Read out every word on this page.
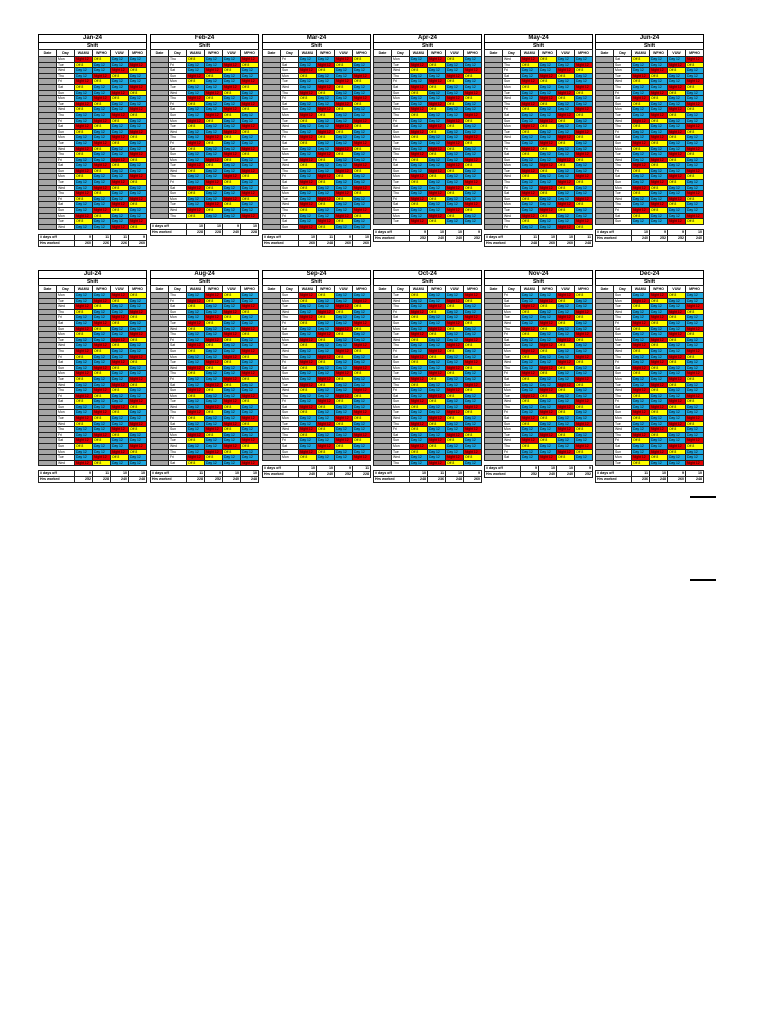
Jan-24					
Shift					
Date	Day	WAMU	WFHO	VUW	MPHO
	Mon	Night 12	Off 8	Day 12	Day 12
	Tue	Off 8	Day 12	Day 12	Night 12
	Wed	Day 12	Day 12	Night 12	Off 8
	Thu	Day 12	Night 12	Off 8	Day 12
	Fri	Night 12	Off 8	Day 12	Day 12
	Sat	Off 8	Day 12	Day 12	Night 12
	Sun	Day 12	Day 12	Night 12	Off 8
	Mon	Day 12	Night 12	Off 8	Day 12
	Tue	Night 12	Off 8	Day 12	Day 12
	Wed	Off 8	Day 12	Day 12	Night 12
	Thu	Day 12	Day 12	Night 12	Off 8
	Fri	Day 12	Night 12	Off 8	Day 12
	Sat	Night 12	Off 8	Day 12	Day 12
	Sun	Off 8	Day 12	Day 12	Night 12
	Mon	Day 12	Day 12	Night 12	Off 8
	Tue	Day 12	Night 12	Off 8	Day 12
	Wed	Night 12	Off 8	Day 12	Day 12
	Thu	Off 8	Day 12	Day 12	Night 12
	Fri	Day 12	Day 12	Night 12	Off 8
	Sat	Day 12	Night 12	Off 8	Day 12
	Sun	Night 12	Off 8	Day 12	Day 12
	Mon	Off 8	Day 12	Day 12	Night 12
	Tue	Day 12	Day 12	Night 12	Off 8
	Wed	Day 12	Night 12	Off 8	Day 12
	Thu	Night 12	Off 8	Day 12	Day 12
	Fri	Off 8	Day 12	Day 12	Night 12
	Sat	Day 12	Day 12	Night 12	Off 8
	Sun	Day 12	Night 12	Off 8	Day 12
	Mon	Night 12	Off 8	Day 12	Day 12
	Tue	Off 8	Day 12	Day 12	Night 12
	Wed	Day 12	Day 12	Night 12	Off 8

# days off		9	11	11	9
Hrs worked		260	226	226	260
Feb-24					
Shift					
Date	Day	WAMU	WFHO	VUW	MPHO
	Thu	Off 8	Day 12	Day 12	Night 12
	Fri	Day 12	Day 12	Night 12	Off 8
	Sat	Day 12	Night 12	Off 8	Day 12
	Sun	Night 12	Off 8	Day 12	Day 12
	Mon	Off 8	Day 12	Day 12	Night 12
	Tue	Day 12	Day 12	Night 12	Off 8
	Wed	Day 12	Night 12	Off 8	Day 12
	Thu	Night 12	Off 8	Day 12	Day 12
	Fri	Off 8	Day 12	Day 12	Night 12
	Sat	Day 12	Day 12	Night 12	Off 8
	Sun	Day 12	Night 12	Off 8	Day 12
	Mon	Night 12	Off 8	Day 12	Day 12
	Tue	Off 8	Day 12	Day 12	Night 12
	Wed	Day 12	Day 12	Night 12	Off 8
	Thu	Day 12	Night 12	Off 8	Day 12
	Fri	Night 12	Off 8	Day 12	Day 12
	Sat	Off 8	Day 12	Day 12	Night 12
	Sun	Day 12	Day 12	Night 12	Off 8
	Mon	Day 12	Night 12	Off 8	Day 12
	Tue	Night 12	Off 8	Day 12	Day 12
	Wed	Off 8	Day 12	Day 12	Night 12
	Thu	Day 12	Day 12	Night 12	Off 8
	Fri	Day 12	Night 12	Off 8	Day 12
	Sat	Night 12	Off 8	Day 12	Day 12
	Sun	Off 8	Day 12	Day 12	Night 12
	Mon	Day 12	Day 12	Night 12	Off 8
	Tue	Day 12	Night 12	Off 8	Day 12
	Wed	Night 12	Off 8	Day 12	Day 12
	Thu	Off 8	Day 12	Day 12	Night 12

# days off		10	10	9	10
Hrs worked		228	228	240	228
Mar-24					
Shift					
Date	Day	WAMU	WFHO	VUW	MPHO
	Fri	Day 12	Day 12	Night 12	Off 8
	Sat	Day 12	Night 12	Off 8	Day 12
	Sun	Night 12	Off 8	Day 12	Day 12
	Mon	Off 8	Day 12	Day 12	Night 12
	Tue	Day 12	Day 12	Night 12	Off 8
	Wed	Day 12	Night 12	Off 8	Day 12
	Thu	Night 12	Off 8	Day 12	Day 12
	Fri	Off 8	Day 12	Day 12	Night 12
	Sat	Day 12	Day 12	Night 12	Off 8
	Sun	Day 12	Night 12	Off 8	Day 12
	Mon	Night 12	Off 8	Day 12	Day 12
	Tue	Off 8	Day 12	Day 12	Night 12
	Wed	Day 12	Day 12	Night 12	Off 8
	Thu	Day 12	Night 12	Off 8	Day 12
	Fri	Night 12	Off 8	Day 12	Day 12
	Sat	Off 8	Day 12	Day 12	Night 12
	Sun	Day 12	Day 12	Night 12	Off 8
	Mon	Day 12	Night 12	Off 8	Day 12
	Tue	Night 12	Off 8	Day 12	Day 12
	Wed	Off 8	Day 12	Day 12	Night 12
	Thu	Day 12	Day 12	Night 12	Off 8
	Fri	Day 12	Night 12	Off 8	Day 12
	Sat	Night 12	Off 8	Day 12	Day 12
	Sun	Off 8	Day 12	Day 12	Night 12
	Mon	Day 12	Day 12	Night 12	Off 8
	Tue	Day 12	Night 12	Off 8	Day 12
	Wed	Night 12	Off 8	Day 12	Day 12
	Thu	Off 8	Day 12	Day 12	Night 12
	Fri	Day 12	Day 12	Night 12	Off 8
	Sat	Day 12	Night 12	Off 8	Day 12
	Sun	Night 12	Off 8	Day 12	Day 12

# days off		10	11	9	10
Hrs worked		260	248	260	260
Apr-24					
Shift					
Date	Day	WAMU	WFHO	VUW	MPHO
	Mon	Day 12	Night 12	Off 8	Day 12
	Tue	Night 12	Off 8	Day 12	Day 12
	Wed	Off 8	Day 12	Day 12	Night 12
	Thu	Day 12	Day 12	Night 12	Off 8
	Fri	Day 12	Night 12	Off 8	Day 12
	Sat	Night 12	Off 8	Day 12	Day 12
	Sun	Off 8	Day 12	Day 12	Night 12
	Mon	Day 12	Day 12	Night 12	Off 8
	Tue	Day 12	Night 12	Off 8	Day 12
	Wed	Night 12	Off 8	Day 12	Day 12
	Thu	Off 8	Day 12	Day 12	Night 12
	Fri	Day 12	Day 12	Night 12	Off 8
	Sat	Day 12	Night 12	Off 8	Day 12
	Sun	Night 12	Off 8	Day 12	Day 12
	Mon	Off 8	Day 12	Day 12	Night 12
	Tue	Day 12	Day 12	Night 12	Off 8
	Wed	Day 12	Night 12	Off 8	Day 12
	Thu	Night 12	Off 8	Day 12	Day 12
	Fri	Off 8	Day 12	Day 12	Night 12
	Sat	Day 12	Day 12	Night 12	Off 8
	Sun	Day 12	Night 12	Off 8	Day 12
	Mon	Night 12	Off 8	Day 12	Day 12
	Tue	Off 8	Day 12	Day 12	Night 12
	Wed	Day 12	Day 12	Night 12	Off 8
	Thu	Day 12	Night 12	Off 8	Day 12
	Fri	Night 12	Off 8	Day 12	Day 12
	Sat	Off 8	Day 12	Day 12	Night 12
	Sun	Day 12	Day 12	Night 12	Off 8
	Mon	Day 12	Night 12	Off 8	Day 12
	Tue	Night 12	Off 8	Day 12	Day 12

# days off		9	10	10	9
Hrs worked		252	240	240	252
May-24					
Shift					
Date	Day	WAMU	WFHO	VUW	MPHO
	Wed	Night 12	Off 8	Day 12	Day 12
	Thu	Off 8	Day 12	Day 12	Night 12
	Fri	Day 12	Day 12	Night 12	Off 8
	Sat	Day 12	Night 12	Off 8	Day 12
	Sun	Night 12	Off 8	Day 12	Day 12
	Mon	Off 8	Day 12	Day 12	Night 12
	Tue	Day 12	Day 12	Night 12	Off 8
	Wed	Day 12	Night 12	Off 8	Day 12
	Thu	Night 12	Off 8	Day 12	Day 12
	Fri	Off 8	Day 12	Day 12	Night 12
	Sat	Day 12	Day 12	Night 12	Off 8
	Sun	Day 12	Night 12	Off 8	Day 12
	Mon	Night 12	Off 8	Day 12	Day 12
	Tue	Off 8	Day 12	Day 12	Night 12
	Wed	Day 12	Day 12	Night 12	Off 8
	Thu	Day 12	Night 12	Off 8	Day 12
	Fri	Night 12	Off 8	Day 12	Day 12
	Sat	Off 8	Day 12	Day 12	Night 12
	Sun	Day 12	Day 12	Night 12	Off 8
	Mon	Day 12	Night 12	Off 8	Day 12
	Tue	Night 12	Off 8	Day 12	Day 12
	Wed	Off 8	Day 12	Day 12	Night 12
	Thu	Day 12	Day 12	Night 12	Off 8
	Fri	Day 12	Night 12	Off 8	Day 12
	Sat	Night 12	Off 8	Day 12	Day 12
	Sun	Off 8	Day 12	Day 12	Night 12
	Mon	Day 12	Day 12	Night 12	Off 8
	Tue	Day 12	Night 12	Off 8	Day 12
	Wed	Night 12	Off 8	Day 12	Day 12
	Thu	Off 8	Day 12	Day 12	Night 12
	Fri	Day 12	Day 12	Night 12	Off 8

# days off		11	10	10	11
Hrs worked		248	260	260	248
Jun-24					
Shift					
Date	Day	WAMU	WFHO	VUW	MPHO
	Sat	Off 8	Day 12	Day 12	Night 12
	Sun	Day 12	Day 12	Night 12	Off 8
	Mon	Day 12	Night 12	Off 8	Day 12
	Tue	Night 12	Off 8	Day 12	Day 12
	Wed	Off 8	Day 12	Day 12	Night 12
	Thu	Day 12	Day 12	Night 12	Off 8
	Fri	Day 12	Night 12	Off 8	Day 12
	Sat	Night 12	Off 8	Day 12	Day 12
	Sun	Off 8	Day 12	Day 12	Night 12
	Mon	Day 12	Day 12	Night 12	Off 8
	Tue	Day 12	Night 12	Off 8	Day 12
	Wed	Night 12	Off 8	Day 12	Day 12
	Thu	Off 8	Day 12	Day 12	Night 12
	Fri	Day 12	Day 12	Night 12	Off 8
	Sat	Day 12	Night 12	Off 8	Day 12
	Sun	Night 12	Off 8	Day 12	Day 12
	Mon	Off 8	Day 12	Day 12	Night 12
	Tue	Day 12	Day 12	Night 12	Off 8
	Wed	Day 12	Night 12	Off 8	Day 12
	Thu	Night 12	Off 8	Day 12	Day 12
	Fri	Off 8	Day 12	Day 12	Night 12
	Sat	Day 12	Day 12	Night 12	Off 8
	Sun	Day 12	Night 12	Off 8	Day 12
	Mon	Night 12	Off 8	Day 12	Day 12
	Tue	Off 8	Day 12	Day 12	Night 12
	Wed	Day 12	Day 12	Night 12	Off 8
	Thu	Day 12	Night 12	Off 8	Day 12
	Fri	Night 12	Off 8	Day 12	Day 12
	Sat	Off 8	Day 12	Day 12	Night 12
	Sun	Day 12	Day 12	Night 12	Off 8

# days off		10	9	9	10
Hrs worked		240	252	252	240
Jul-24					
Shift					
Date	Day	WAMU	WFHO	VUW	MPHO
	Mon	Day 12	Day 12	Night 12	Off 8
	Tue	Day 12	Night 12	Off 8	Day 12
	Wed	Night 12	Off 8	Day 12	Day 12
	Thu	Off 8	Day 12	Day 12	Night 12
	Fri	Day 12	Day 12	Night 12	Off 8
	Sat	Day 12	Night 12	Off 8	Day 12
	Sun	Night 12	Off 8	Day 12	Day 12
	Mon	Off 8	Day 12	Day 12	Night 12
	Tue	Day 12	Day 12	Night 12	Off 8
	Wed	Day 12	Night 12	Off 8	Day 12
	Thu	Night 12	Off 8	Day 12	Day 12
	Fri	Off 8	Day 12	Day 12	Night 12
	Sat	Day 12	Day 12	Night 12	Off 8
	Sun	Day 12	Night 12	Off 8	Day 12
	Mon	Night 12	Off 8	Day 12	Day 12
	Tue	Off 8	Day 12	Day 12	Night 12
	Wed	Day 12	Day 12	Night 12	Off 8
	Thu	Day 12	Night 12	Off 8	Day 12
	Fri	Night 12	Off 8	Day 12	Day 12
	Sat	Off 8	Day 12	Day 12	Night 12
	Sun	Day 12	Day 12	Night 12	Off 8
	Mon	Day 12	Night 12	Off 8	Day 12
	Tue	Night 12	Off 8	Day 12	Day 12
	Wed	Off 8	Day 12	Day 12	Night 12
	Thu	Day 12	Day 12	Night 12	Off 8
	Fri	Day 12	Night 12	Off 8	Day 12
	Sat	Night 12	Off 8	Day 12	Day 12
	Sun	Off 8	Day 12	Day 12	Night 12
	Mon	Day 12	Day 12	Night 12	Off 8
	Tue	Day 12	Night 12	Off 8	Day 12
	Wed	Night 12	Off 8	Day 12	Day 12

# days off		9	11	10	10
Hrs worked		252	228	240	248
Aug-24					
Shift					
Date	Day	WAMU	WFHO	VUW	MPHO
	Thu	Day 12	Night 12	Off 8	Day 12
	Fri	Night 12	Off 8	Day 12	Day 12
	Sat	Off 8	Day 12	Day 12	Night 12
	Sun	Day 12	Day 12	Night 12	Off 8
	Mon	Day 12	Night 12	Off 8	Day 12
	Tue	Night 12	Off 8	Day 12	Day 12
	Wed	Off 8	Day 12	Day 12	Night 12
	Thu	Day 12	Day 12	Night 12	Off 8
	Fri	Day 12	Night 12	Off 8	Day 12
	Sat	Night 12	Off 8	Day 12	Day 12
	Sun	Off 8	Day 12	Day 12	Night 12
	Mon	Day 12	Day 12	Night 12	Off 8
	Tue	Day 12	Night 12	Off 8	Day 12
	Wed	Night 12	Off 8	Day 12	Day 12
	Thu	Off 8	Day 12	Day 12	Night 12
	Fri	Day 12	Day 12	Night 12	Off 8
	Sat	Day 12	Night 12	Off 8	Day 12
	Sun	Night 12	Off 8	Day 12	Day 12
	Mon	Off 8	Day 12	Day 12	Night 12
	Tue	Day 12	Day 12	Night 12	Off 8
	Wed	Day 12	Night 12	Off 8	Day 12
	Thu	Night 12	Off 8	Day 12	Day 12
	Fri	Off 8	Day 12	Day 12	Night 12
	Sat	Day 12	Day 12	Night 12	Off 8
	Sun	Day 12	Night 12	Off 8	Day 12
	Mon	Night 12	Off 8	Day 12	Day 12
	Tue	Off 8	Day 12	Day 12	Night 12
	Wed	Day 12	Day 12	Night 12	Off 8
	Thu	Day 12	Night 12	Off 8	Day 12
	Fri	Night 12	Off 8	Day 12	Day 12
	Sat	Off 8	Day 12	Day 12	Night 12

# days off		11	9	10	10
Hrs worked		228	252	240	248
Sep-24					
Shift					
Date	Day	WAMU	WFHO	VUW	MPHO
	Sun	Night 12	Off 8	Day 12	Day 12
	Mon	Off 8	Day 12	Day 12	Night 12
	Tue	Day 12	Day 12	Night 12	Off 8
	Wed	Day 12	Night 12	Off 8	Day 12
	Thu	Night 12	Off 8	Day 12	Day 12
	Fri	Off 8	Day 12	Day 12	Night 12
	Sat	Day 12	Day 12	Night 12	Off 8
	Sun	Day 12	Night 12	Off 8	Day 12
	Mon	Night 12	Off 8	Day 12	Day 12
	Tue	Off 8	Day 12	Day 12	Night 12
	Wed	Day 12	Day 12	Night 12	Off 8
	Thu	Day 12	Night 12	Off 8	Day 12
	Fri	Night 12	Off 8	Day 12	Day 12
	Sat	Off 8	Day 12	Day 12	Night 12
	Sun	Day 12	Day 12	Night 12	Off 8
	Mon	Day 12	Night 12	Off 8	Day 12
	Tue	Night 12	Off 8	Day 12	Day 12
	Wed	Off 8	Day 12	Day 12	Night 12
	Thu	Day 12	Day 12	Night 12	Off 8
	Fri	Day 12	Night 12	Off 8	Day 12
	Sat	Night 12	Off 8	Day 12	Day 12
	Sun	Off 8	Day 12	Day 12	Night 12
	Mon	Day 12	Day 12	Night 12	Off 8
	Tue	Day 12	Night 12	Off 8	Day 12
	Wed	Night 12	Off 8	Day 12	Day 12
	Thu	Off 8	Day 12	Day 12	Night 12
	Fri	Day 12	Day 12	Night 12	Off 8
	Sat	Day 12	Night 12	Off 8	Day 12
	Sun	Night 12	Off 8	Day 12	Day 12
	Mon	Off 8	Day 12	Day 12	Night 12

# days off		10	10	9	11
Hrs worked		240	240	252	228
Oct-24					
Shift					
Date	Day	WAMU	WFHO	VUW	MPHO
	Tue	Off 8	Day 12	Day 12	Night 12
	Wed	Day 12	Day 12	Night 12	Off 8
	Thu	Day 12	Night 12	Off 8	Day 12
	Fri	Night 12	Off 8	Day 12	Day 12
	Sat	Off 8	Day 12	Day 12	Night 12
	Sun	Day 12	Day 12	Night 12	Off 8
	Mon	Day 12	Night 12	Off 8	Day 12
	Tue	Night 12	Off 8	Day 12	Day 12
	Wed	Off 8	Day 12	Day 12	Night 12
	Thu	Day 12	Day 12	Night 12	Off 8
	Fri	Day 12	Night 12	Off 8	Day 12
	Sat	Night 12	Off 8	Day 12	Day 12
	Sun	Off 8	Day 12	Day 12	Night 12
	Mon	Day 12	Day 12	Night 12	Off 8
	Tue	Day 12	Night 12	Off 8	Day 12
	Wed	Night 12	Off 8	Day 12	Day 12
	Thu	Off 8	Day 12	Day 12	Night 12
	Fri	Day 12	Day 12	Night 12	Off 8
	Sat	Day 12	Night 12	Off 8	Day 12
	Sun	Night 12	Off 8	Day 12	Day 12
	Mon	Off 8	Day 12	Day 12	Night 12
	Tue	Day 12	Day 12	Night 12	Off 8
	Wed	Day 12	Night 12	Off 8	Day 12
	Thu	Night 12	Off 8	Day 12	Day 12
	Fri	Off 8	Day 12	Day 12	Night 12
	Sat	Day 12	Day 12	Night 12	Off 8
	Sun	Day 12	Night 12	Off 8	Day 12
	Mon	Night 12	Off 8	Day 12	Day 12
	Tue	Off 8	Day 12	Day 12	Night 12
	Wed	Day 12	Day 12	Night 12	Off 8
	Thu	Day 12	Night 12	Off 8	Day 12

# days off		10	11	10	9
Hrs worked		248	236	248	260
Nov-24					
Shift					
Date	Day	WAMU	WFHO	VUW	MPHO
	Fri	Day 12	Day 12	Night 12	Off 8
	Sat	Day 12	Night 12	Off 8	Day 12
	Sun	Night 12	Off 8	Day 12	Day 12
	Mon	Off 8	Day 12	Day 12	Night 12
	Tue	Day 12	Day 12	Night 12	Off 8
	Wed	Day 12	Night 12	Off 8	Day 12
	Thu	Night 12	Off 8	Day 12	Day 12
	Fri	Off 8	Day 12	Day 12	Night 12
	Sat	Day 12	Day 12	Night 12	Off 8
	Sun	Day 12	Night 12	Off 8	Day 12
	Mon	Night 12	Off 8	Day 12	Day 12
	Tue	Off 8	Day 12	Day 12	Night 12
	Wed	Day 12	Day 12	Night 12	Off 8
	Thu	Day 12	Night 12	Off 8	Day 12
	Fri	Night 12	Off 8	Day 12	Day 12
	Sat	Off 8	Day 12	Day 12	Night 12
	Sun	Day 12	Day 12	Night 12	Off 8
	Mon	Day 12	Night 12	Off 8	Day 12
	Tue	Night 12	Off 8	Day 12	Day 12
	Wed	Off 8	Day 12	Day 12	Night 12
	Thu	Day 12	Day 12	Night 12	Off 8
	Fri	Day 12	Night 12	Off 8	Day 12
	Sat	Night 12	Off 8	Day 12	Day 12
	Sun	Off 8	Day 12	Day 12	Night 12
	Mon	Day 12	Day 12	Night 12	Off 8
	Tue	Day 12	Night 12	Off 8	Day 12
	Wed	Night 12	Off 8	Day 12	Day 12
	Thu	Off 8	Day 12	Day 12	Night 12
	Fri	Day 12	Day 12	Night 12	Off 8
	Sat	Day 12	Night 12	Off 8	Day 12

# days off		9	10	10	9
Hrs worked		252	240	240	252
Dec-24					
Shift					
Date	Day	WAMU	WFHO	VUW	MPHO
	Sun	Day 12	Night 12	Off 8	Day 12
	Mon	Night 12	Off 8	Day 12	Day 12
	Tue	Off 8	Day 12	Day 12	Night 12
	Wed	Day 12	Day 12	Night 12	Off 8
	Thu	Day 12	Night 12	Off 8	Day 12
	Fri	Night 12	Off 8	Day 12	Day 12
	Sat	Off 8	Day 12	Day 12	Night 12
	Sun	Day 12	Day 12	Night 12	Off 8
	Mon	Day 12	Night 12	Off 8	Day 12
	Tue	Night 12	Off 8	Day 12	Day 12
	Wed	Off 8	Day 12	Day 12	Night 12
	Thu	Day 12	Day 12	Night 12	Off 8
	Fri	Day 12	Night 12	Off 8	Day 12
	Sat	Night 12	Off 8	Day 12	Day 12
	Sun	Off 8	Day 12	Day 12	Night 12
	Mon	Day 12	Day 12	Night 12	Off 8
	Tue	Day 12	Night 12	Off 8	Day 12
	Wed	Night 12	Off 8	Day 12	Day 12
	Thu	Off 8	Day 12	Day 12	Night 12
	Fri	Day 12	Day 12	Night 12	Off 8
	Sat	Day 12	Night 12	Off 8	Day 12
	Sun	Night 12	Off 8	Day 12	Day 12
	Mon	Off 8	Day 12	Day 12	Night 12
	Tue	Day 12	Day 12	Night 12	Off 8
	Wed	Day 12	Night 12	Off 8	Day 12
	Thu	Night 12	Off 8	Day 12	Day 12
	Fri	Off 8	Day 12	Day 12	Night 12
	Sat	Day 12	Day 12	Night 12	Off 8
	Sun	Day 12	Night 12	Off 8	Day 12
	Mon	Night 12	Off 8	Day 12	Day 12
	Tue	Off 8	Day 12	Day 12	Night 12

# days off		11	10	9	10
Hrs worked		236	248	260	248
